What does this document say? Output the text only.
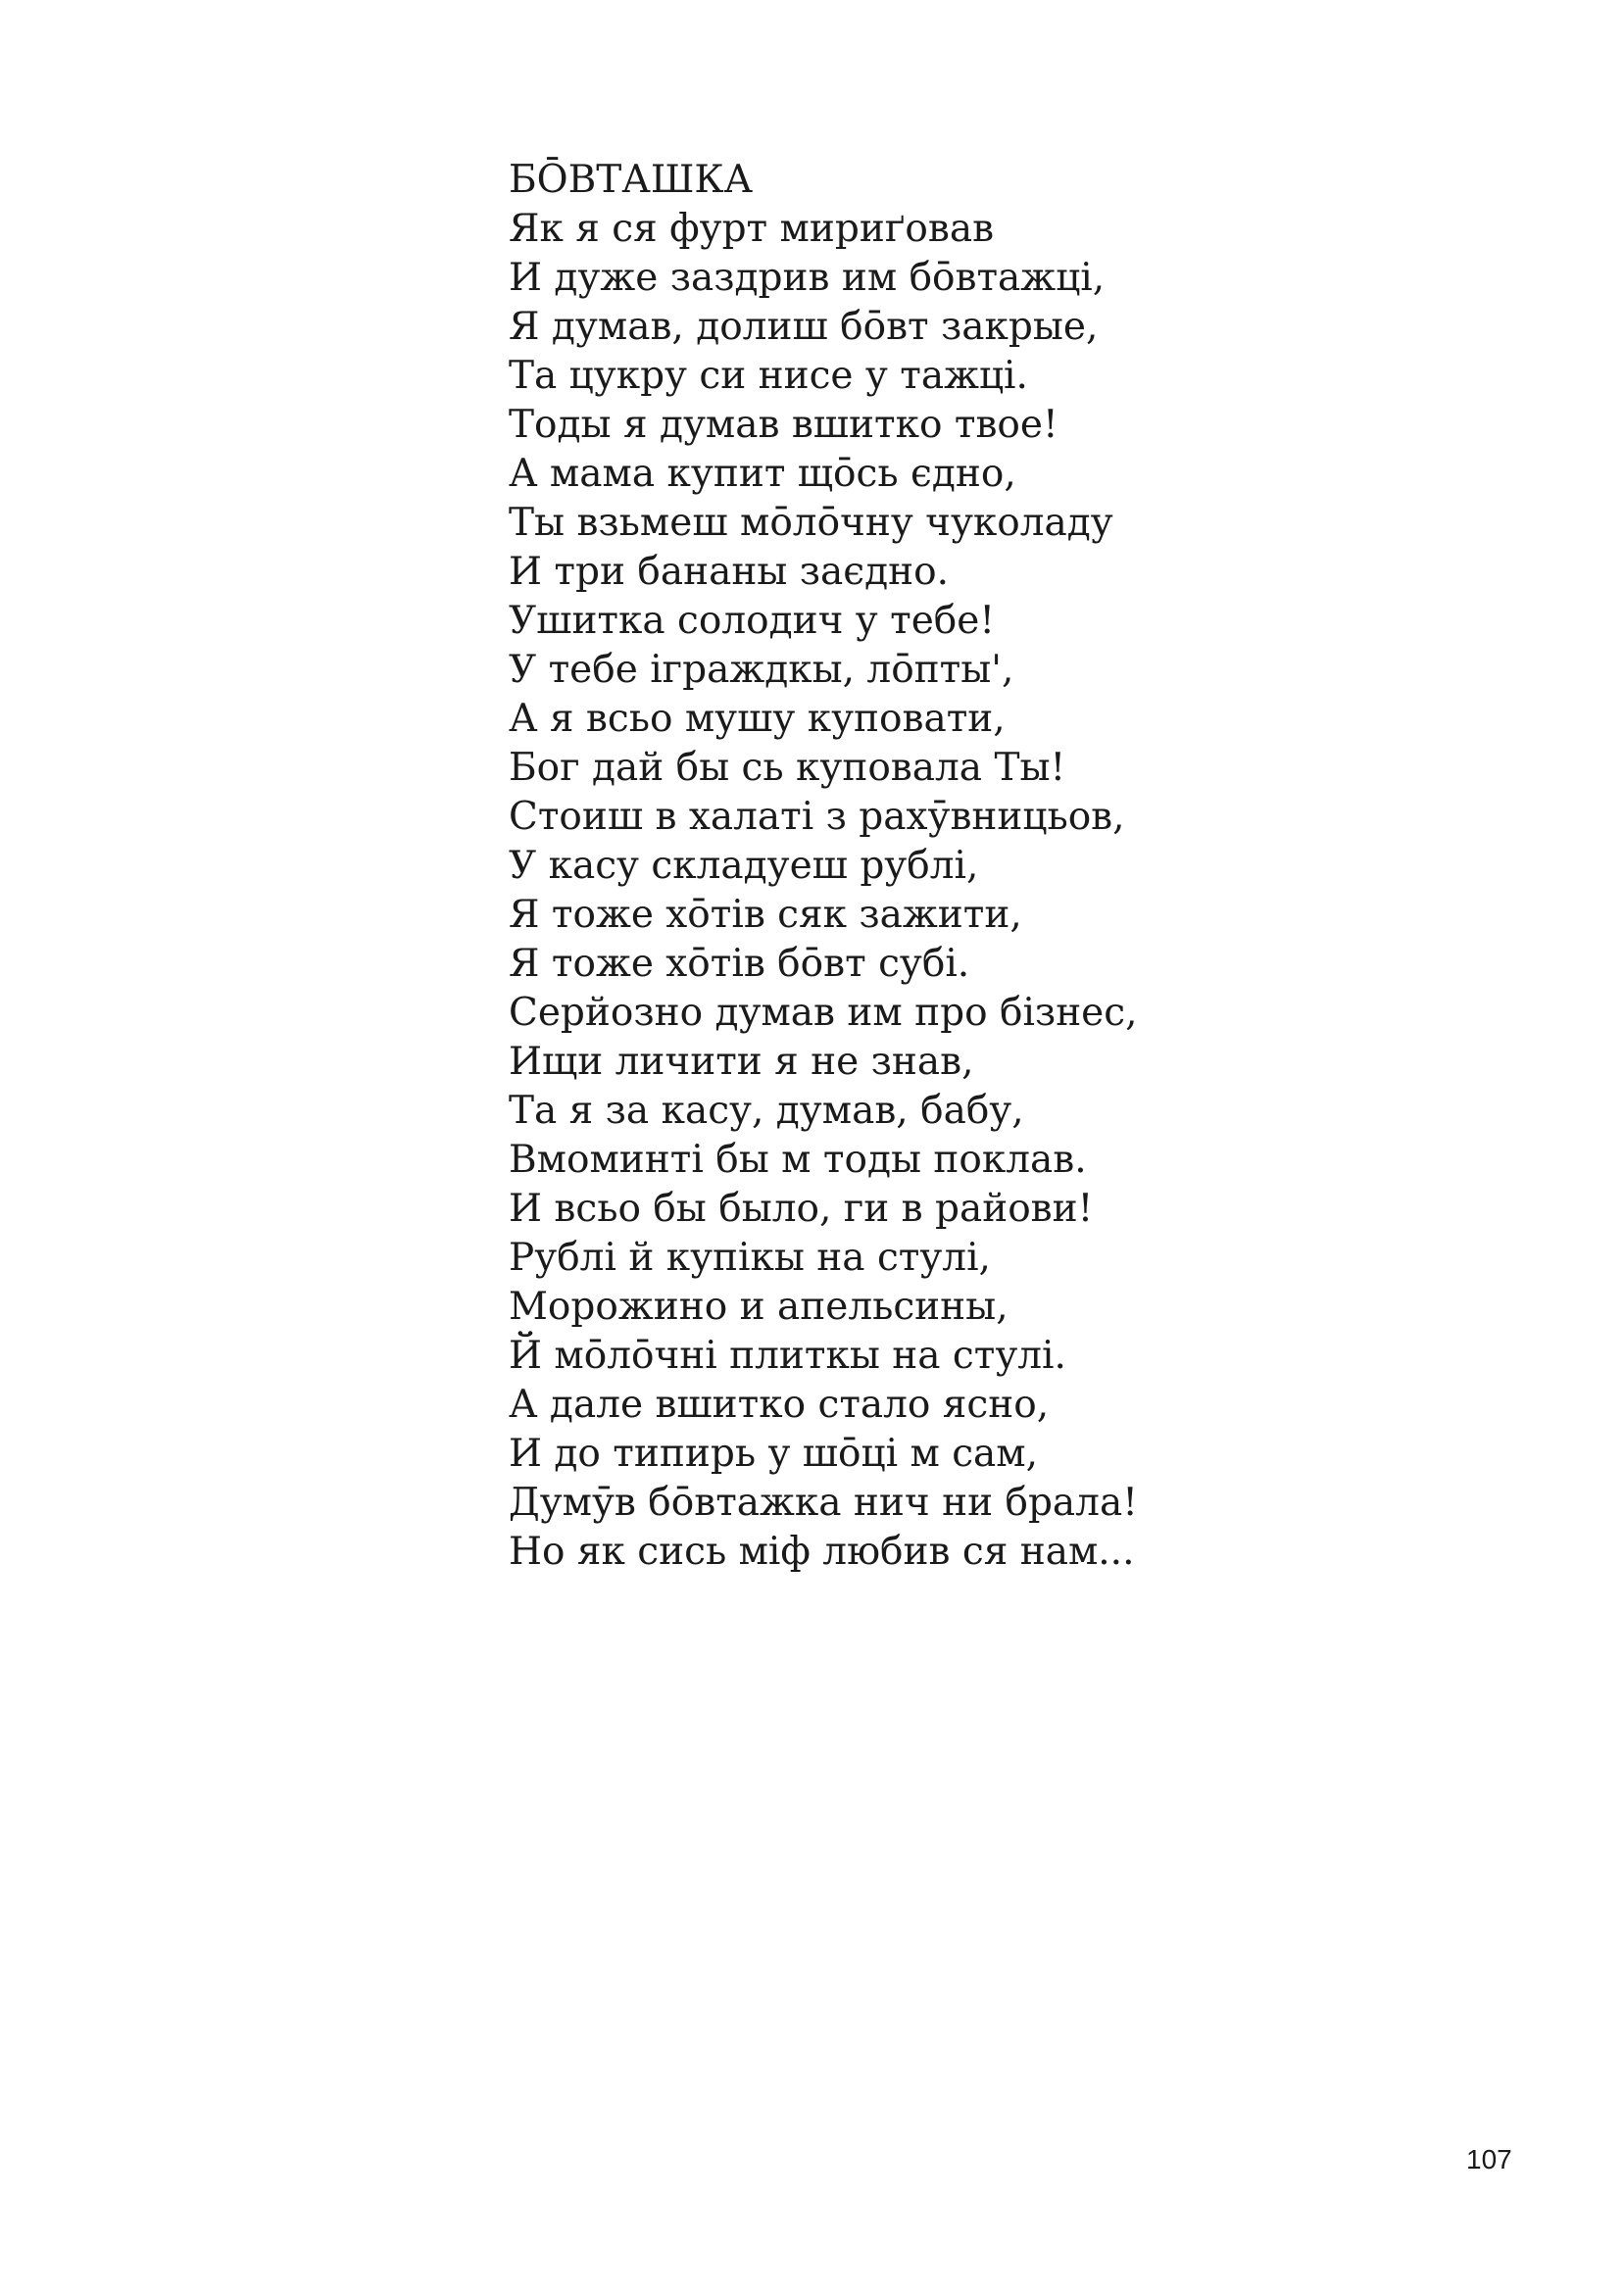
БŌВТАШКА
Як я ся фурт мириґовав
И дуже заздрив им бōвтажці,
Я думав, долиш бōвт закрые,
Та цукру си нисе у тажці.
Тоды я думав вшитко твое!
А мама купит щōсь єдно,
Ты взьмеш мōлōчну чуколаду
И три бананы заєдно.
Ушитка солодич у тебе!
У тебе іграждкы, лōпты',
А я всьо мушу куповати,
Бог дай бы сь куповала Ты!
Стоиш в халаті з рахӯвницьов,
У касу складуеш рублі,
Я тоже хōтів сяк зажити,
Я тоже хōтів бōвт субі.
Серйозно думав им про бізнес,
Ищи личити я не знав,
Та я за касу, думав, бабу,
Вмоминті бы м тоды поклав.
И всьо бы было, ги в райови!
Рублі й купікы на стулі,
Морожино и апельсины,
Й мōлōчні плиткы на стулі.
А дале вшитко стало ясно,
И до типирь у шōці м сам,
Думӯв бōвтажка нич ни брала!
Но як сись міф любив ся нам...
107
